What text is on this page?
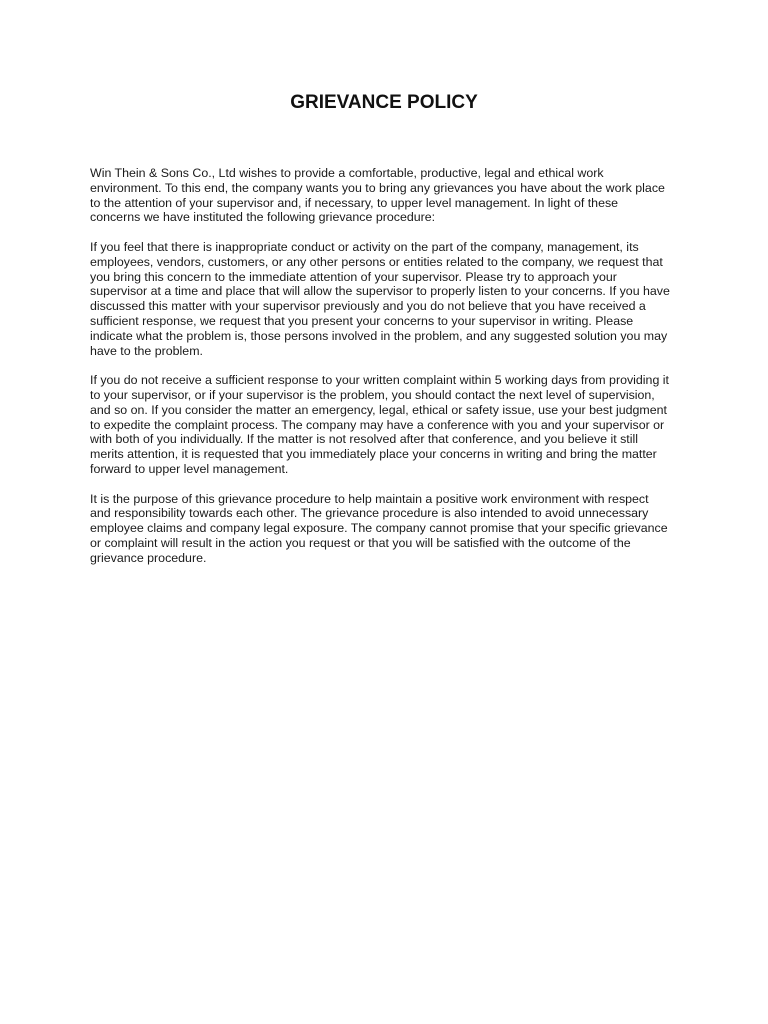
GRIEVANCE POLICY

Win Thein & Sons Co., Ltd wishes to provide a comfortable, productive, legal and ethical work
environment. To this end, the company wants you to bring any grievances you have about the work place
to the attention of your supervisor and, if necessary, to upper level management. In light of these
concerns we have instituted the following grievance procedure:

If you feel that there is inappropriate conduct or activity on the part of the company, management, its
employees, vendors, customers, or any other persons or entities related to the company, we request that
you bring this concern to the immediate attention of your supervisor. Please try to approach your
supervisor at a time and place that will allow the supervisor to properly listen to your concerns. If you have
discussed this matter with your supervisor previously and you do not believe that you have received a
sufficient response, we request that you present your concerns to your supervisor in writing. Please
indicate what the problem is, those persons involved in the problem, and any suggested solution you may
have to the problem.

If you do not receive a sufficient response to your written complaint within 5 working days from providing it
to your supervisor, or if your supervisor is the problem, you should contact the next level of supervision,
and so on. If you consider the matter an emergency, legal, ethical or safety issue, use your best judgment
to expedite the complaint process. The company may have a conference with you and your supervisor or
with both of you individually. If the matter is not resolved after that conference, and you believe it still
merits attention, it is requested that you immediately place your concerns in writing and bring the matter
forward to upper level management.

It is the purpose of this grievance procedure to help maintain a positive work environment with respect
and responsibility towards each other. The grievance procedure is also intended to avoid unnecessary
employee claims and company legal exposure. The company cannot promise that your specific grievance
or complaint will result in the action you request or that you will be satisfied with the outcome of the
grievance procedure.
